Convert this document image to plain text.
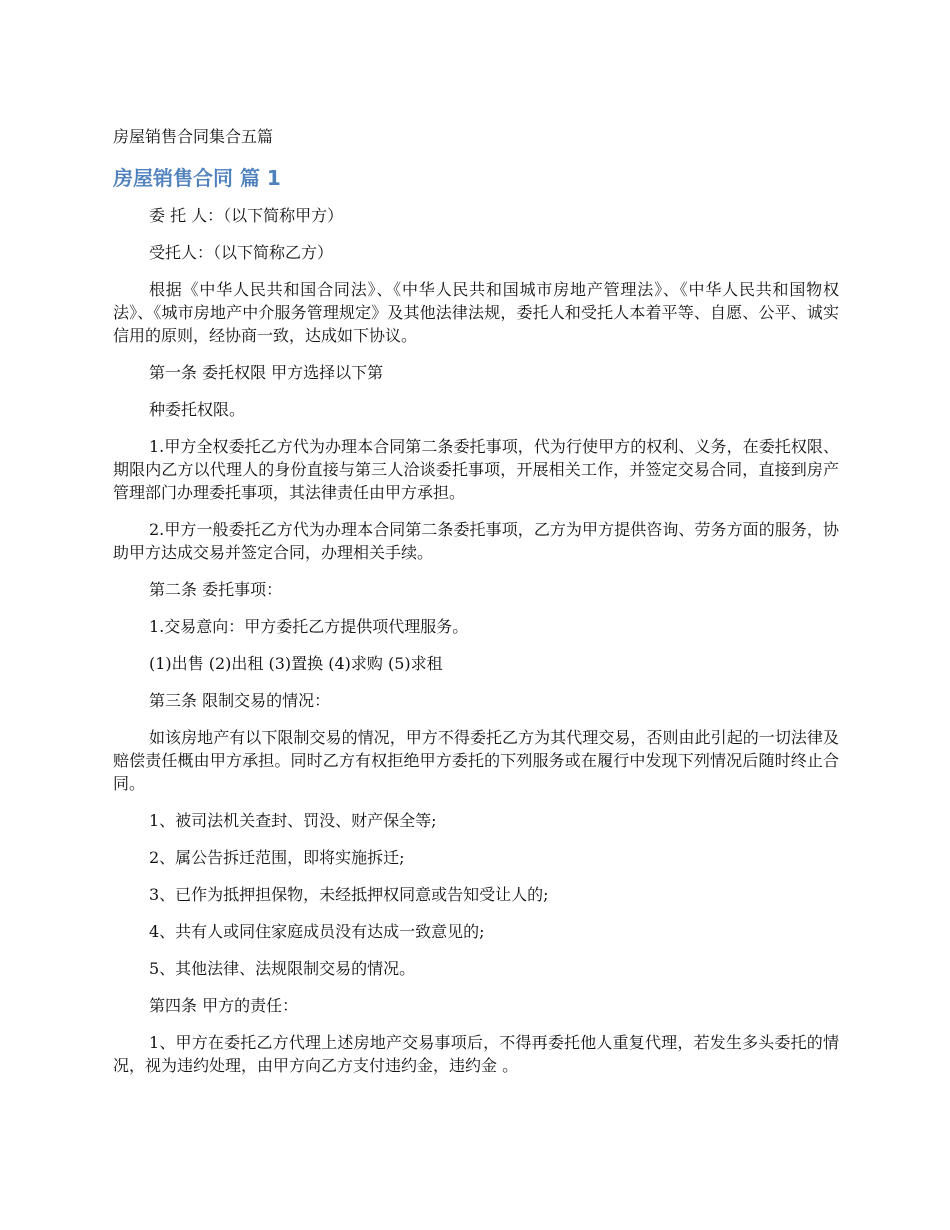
房屋销售合同集合五篇
房屋销售合同 篇 1

委 托 人：（以下简称甲方）

受托人：（以下简称乙方）

根据《中华人民共和国合同法》、《中华人民共和国城市房地产管理法》、《中华人民共和国物权法》、《城市房地产中介服务管理规定》及其他法律法规，委托人和受托人本着平等、自愿、公平、诚实信用的原则，经协商一致，达成如下协议。

第一条 委托权限 甲方选择以下第

种委托权限。

1.甲方全权委托乙方代为办理本合同第二条委托事项，代为行使甲方的权利、义务，在委托权限、期限内乙方以代理人的身份直接与第三人洽谈委托事项，开展相关工作，并签定交易合同，直接到房产管理部门办理委托事项，其法律责任由甲方承担。

2.甲方一般委托乙方代为办理本合同第二条委托事项，乙方为甲方提供咨询、劳务方面的服务，协助甲方达成交易并签定合同，办理相关手续。

第二条 委托事项：

1.交易意向：甲方委托乙方提供项代理服务。

(1)出售 (2)出租 (3)置换 (4)求购 (5)求租

第三条 限制交易的情况：

如该房地产有以下限制交易的情况，甲方不得委托乙方为其代理交易，否则由此引起的一切法律及赔偿责任概由甲方承担。同时乙方有权拒绝甲方委托的下列服务或在履行中发现下列情况后随时终止合同。

1、被司法机关查封、罚没、财产保全等;

2、属公告拆迁范围，即将实施拆迁;

3、已作为抵押担保物，未经抵押权同意或告知受让人的;

4、共有人或同住家庭成员没有达成一致意见的;

5、其他法律、法规限制交易的情况。

第四条 甲方的责任：

1、甲方在委托乙方代理上述房地产交易事项后，不得再委托他人重复代理，若发生多头委托的情况，视为违约处理，由甲方向乙方支付违约金，违约金 。
